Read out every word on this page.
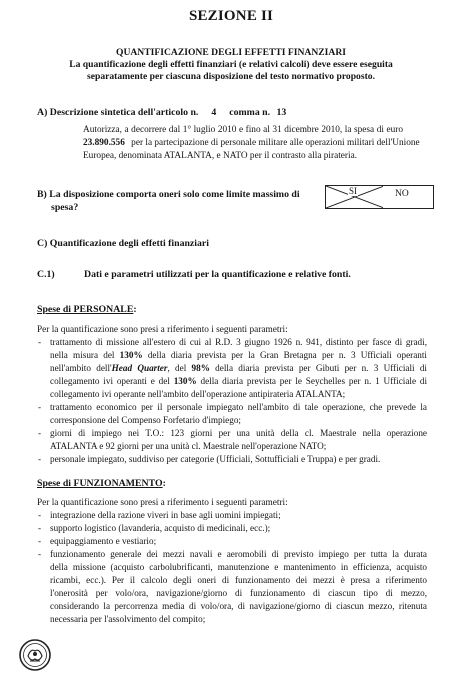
SEZIONE II
QUANTIFICAZIONE DEGLI EFFETTI FINANZIARI
La quantificazione degli effetti finanziari (e relativi calcoli) deve essere eseguita
separatamente per ciascuna disposizione del testo normativo proposto.
A) Descrizione sintetica dell'articolo n. 4 comma n. 13
Autorizza, a decorrere dal 1° luglio 2010 e fino al 31 dicembre 2010, la spesa di euro
23.890.556 per la partecipazione di personale militare alle operazioni militari dell'Unione
Europea, denominata ATALANTA, e NATO per il contrasto alla pirateria.
B) La disposizione comporta oneri solo come limite massimo di
spesa?
SI	NO
C) Quantificazione degli effetti finanziari
C.1)	Dati e parametri utilizzati per la quantificazione e relative fonti.
Spese di PERSONALE:
Per la quantificazione sono presi a riferimento i seguenti parametri:
- trattamento di missione all'estero di cui al R.D. 3 giugno 1926 n. 941, distinto per fasce di gradi,
nella misura del 130% della diaria prevista per la Gran Bretagna per n. 3 Ufficiali operanti
nell'ambito dell'Head Quarter, del 98% della diaria prevista per Gibuti per n. 3 Ufficiali di
collegamento ivi operanti e del 130% della diaria prevista per le Seychelles per n. 1 Ufficiale di
collegamento ivi operante nell'ambito dell'operazione antipirateria ATALANTA;
- trattamento economico per il personale impiegato nell'ambito di tale operazione, che prevede la
corresponsione del Compenso Forfetario d'impiego;
- giorni di impiego nei T.O.: 123 giorni per una unità della cl. Maestrale nella operazione
ATALANTA e 92 giorni per una unità cl. Maestrale nell'operazione NATO;
- personale impiegato, suddiviso per categorie (Ufficiali, Sottufficiali e Truppa) e per gradi.
Spese di FUNZIONAMENTO:
Per la quantificazione sono presi a riferimento i seguenti parametri:
- integrazione della razione viveri in base agli uomini impiegati;
- supporto logistico (lavanderia, acquisto di medicinali, ecc.);
- equipaggiamento e vestiario;
- funzionamento generale dei mezzi navali e aeromobili di previsto impiego per tutta la durata
della missione (acquisto carbolubrificanti, manutenzione e mantenimento in efficienza, acquisto
ricambi, ecc.). Per il calcolo degli oneri di funzionamento dei mezzi è presa a riferimento
l'onerosità per volo/ora, navigazione/giorno di funzionamento di ciascun tipo di mezzo,
considerando la percorrenza media di volo/ora, di navigazione/giorno di ciascun mezzo, ritenuta
necessaria per l'assolvimento del compito;
